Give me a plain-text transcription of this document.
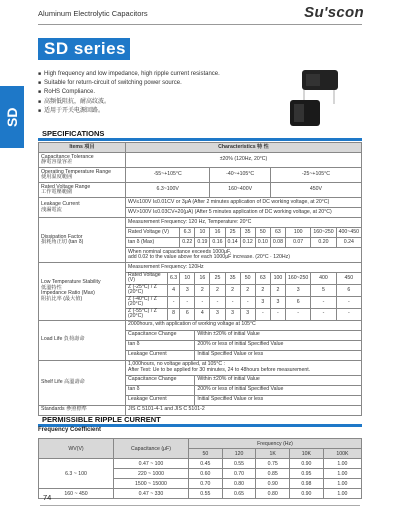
Aluminum Electrolytic Capacitors	Su'scon
SD series
SD
■ High frequency and low impedance, high ripple current resistance.
■ Suitable for return-circuit of switching power source.
■ RoHS Compliance.
■ 高频低阻抗，耐高纹波。
■ 适用于开关电源回路。
SPECIFICATIONS
Items 項目	Characteristics 特 性											
Capacitance Tolerance
静電容量容差	±20% (120Hz, 20°C)											
Operating Temperature Range
使用温度範囲	-55~+105°C				-40~+105°C				-25~+105°C			
Rated Voltage Range
工作電壓範圍	6.3~100V				160~400V				450V			
Leakage Current
洩漏電流	WV≤100V I≤0.01CV or 3μA (After 2 minutes application of DC working voltage, at 20°C)											
	WV>100V I≤0.03CV+20(μA) (After 5 minutes application of DC working voltage, at 20°C)											
Dissipation Factor
損耗角正切 (tan δ)	Measurement Frequency: 120 Hz, Temperature: 20°C											
	Rated Voltage (V)		6.3	10	16	25	35	50	63	100	160~250	400~450
	tan δ (Max)		0.22	0.19	0.16	0.14	0.12	0.10	0.08	0.07	0.20	0.24
	When nominal capacitance exceeds 1000μF,
add 0.02 to the value above for each 1000μF increase. (20°C · 120Hz)											
Low Temperature Stability
低溫特性
Impedance Ratio (Max)
阻抗比率 (最大值)	Measurement Frequency: 120Hz											
	Rated Voltage (V)	6.3	10	16	25	35	50	63	100	160~250	400	450
	Z (-25°C) / Z (20°C)	4	3	2	2	2	2	2	2	3	5	6
	Z (-40°C) / Z (20°C)	-	-	-	-	-	-	3	3	6	-	-
	Z (-55°C) / Z (20°C)	8	6	4	3	3	3	-	-	-	-	-
Load Life 負荷壽命	2000hours, with application of working voltage at 105°C											
	Capacitance Change			Within ±20% of initial Value								
	tan δ			200% or less of initial Specified Value								
	Leakage Current			Initial Specified Value or less								
Shelf Life 高溫壽命	1,000hours, no voltage applied, at 105°C :
After Test: Ue to be applied for 30 minutes, 24 to 48hours before measurement.											
	Capacitance Change			Within ±20% of initial Value								
	tan δ			200% or less of initial Specified Value								
	Leakage Current			Initial Specified Value or less								
Standards 參照標準	JIS C 5101-4-1 and JIS C 5101-2											
PERMISSIBLE RIPPLE CURRENT
Frequency Coefficient
WV(V)	Capacitance (μF)	Frequency (Hz)				
		50	120	1K	10K	100K
6.3 ~ 100	0.47 ~ 100	0.45	0.55	0.75	0.90	1.00
	220 ~ 1000	0.60	0.70	0.85	0.95	1.00
	1500 ~ 15000	0.70	0.80	0.90	0.98	1.00
160 ~ 450	0.47 ~ 330	0.55	0.65	0.80	0.90	1.00
74
